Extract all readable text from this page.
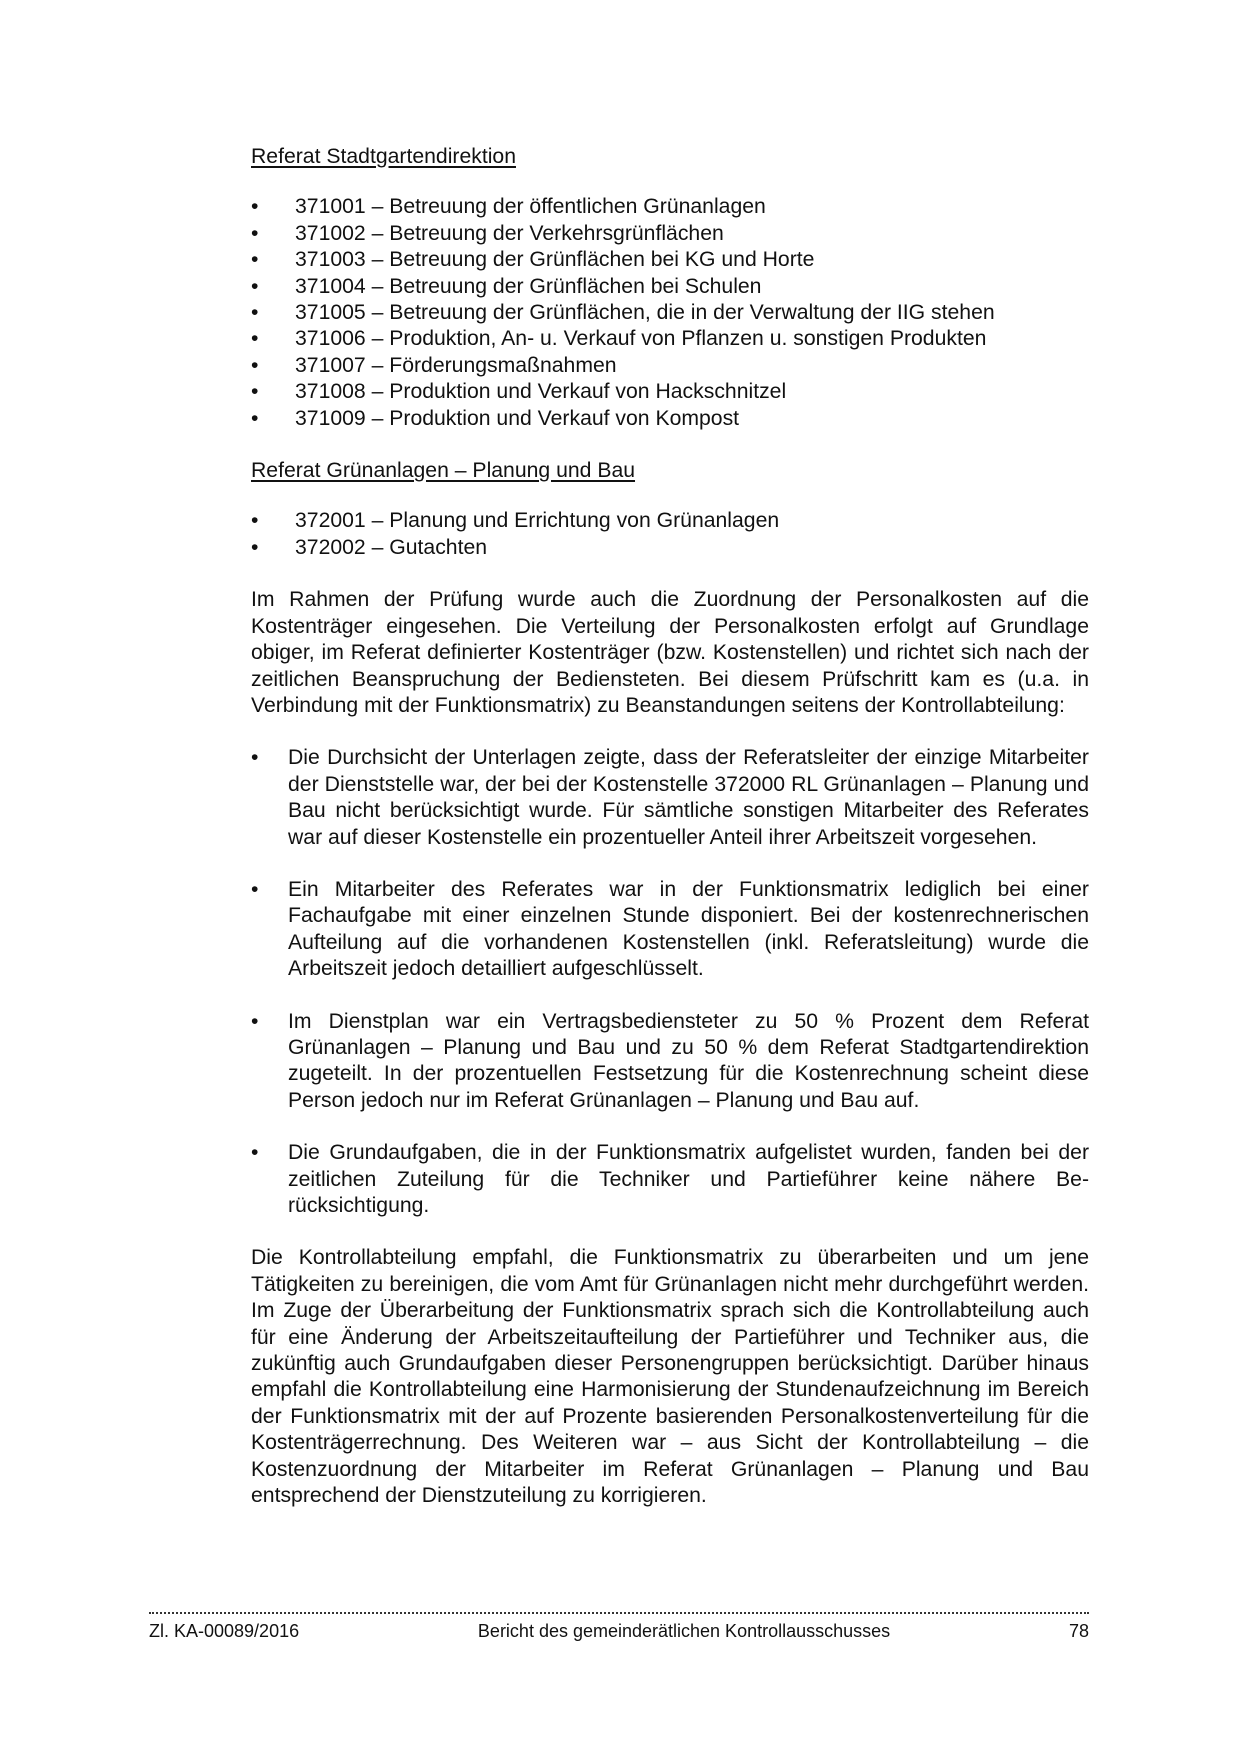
Referat Stadtgartendirektion

• 371001 – Betreuung der öffentlichen Grünanlagen
• 371002 – Betreuung der Verkehrsgrünflächen
• 371003 – Betreuung der Grünflächen bei KG und Horte
• 371004 – Betreuung der Grünflächen bei Schulen
• 371005 – Betreuung der Grünflächen, die in der Verwaltung der IIG stehen
• 371006 – Produktion, An- u. Verkauf von Pflanzen u. sonstigen Produkten
• 371007 – Förderungsmaßnahmen
• 371008 – Produktion und Verkauf von Hackschnitzel
• 371009 – Produktion und Verkauf von Kompost

Referat Grünanlagen – Planung und Bau

• 372001 – Planung und Errichtung von Grünanlagen
• 372002 – Gutachten

Im Rahmen der Prüfung wurde auch die Zuordnung der Personalkosten auf die Kostenträger eingesehen. Die Verteilung der Personalkosten erfolgt auf Grundlage obiger, im Referat definierter Kostenträger (bzw. Kostenstellen) und richtet sich nach der zeitlichen Beanspruchung der Bediensteten. Bei diesem Prüfschritt kam es (u.a. in Verbindung mit der Funktionsmatrix) zu Beanstandungen seitens der Kontrollabteilung:

• Die Durchsicht der Unterlagen zeigte, dass der Referatsleiter der einzige Mitarbeiter der Dienststelle war, der bei der Kostenstelle 372000 RL Grünanlagen – Planung und Bau nicht berücksichtigt wurde. Für sämtliche sonstigen Mitarbeiter des Referates war auf dieser Kostenstelle ein prozentueller Anteil ihrer Arbeitszeit vorgesehen.
• Ein Mitarbeiter des Referates war in der Funktionsmatrix lediglich bei einer Fachaufgabe mit einer einzelnen Stunde disponiert. Bei der kostenrechnerischen Aufteilung auf die vorhandenen Kostenstellen (inkl. Referatsleitung) wurde die Arbeitszeit jedoch detailliert aufgeschlüsselt.
• Im Dienstplan war ein Vertragsbediensteter zu 50 % Prozent dem Referat Grünanlagen – Planung und Bau und zu 50 % dem Referat Stadtgartendirektion zugeteilt. In der prozentuellen Festsetzung für die Kostenrechnung scheint diese Person jedoch nur im Referat Grünanlagen – Planung und Bau auf.
• Die Grundaufgaben, die in der Funktionsmatrix aufgelistet wurden, fanden bei der zeitlichen Zuteilung für die Techniker und Partieführer keine nähere Berücksichtigung.

Die Kontrollabteilung empfahl, die Funktionsmatrix zu überarbeiten und um jene Tätigkeiten zu bereinigen, die vom Amt für Grünanlagen nicht mehr durchgeführt werden. Im Zuge der Überarbeitung der Funktionsmatrix sprach sich die Kontrollabteilung auch für eine Änderung der Arbeitszeitaufteilung der Partieführer und Techniker aus, die zukünftig auch Grundaufgaben dieser Personengruppen berücksichtigt. Darüber hinaus empfahl die Kontrollabteilung eine Harmonisierung der Stundenaufzeichnung im Bereich der Funktionsmatrix mit der auf Prozente basierenden Personalkostenverteilung für die Kostenträgerrechnung. Des Weiteren war – aus Sicht der Kontrollabteilung – die Kostenzuordnung der Mitarbeiter im Referat Grünanlagen – Planung und Bau entsprechend der Dienstzuteilung zu korrigieren.

Zl. KA-00089/2016	Bericht des gemeinderätlichen Kontrollausschusses	78
